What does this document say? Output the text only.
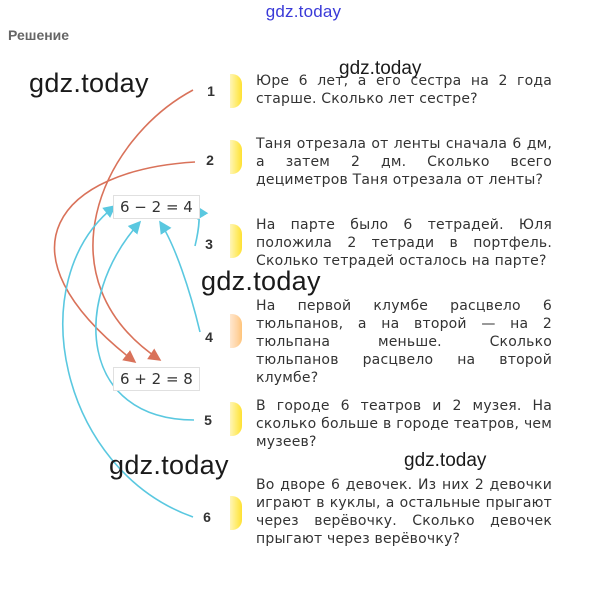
gdz.today
Решение
gdz.today	gdz.today
gdz.today
gdz.today	gdz.today
6 − 2 = 4
6 + 2 = 8
1
Юре 6 лет, а его сестра на 2 года старше. Сколько лет сестре?
2
Таня отрезала от ленты сначала 6 дм, а затем 2 дм. Сколько всего дециметров Таня отрезала от ленты?
3
На парте было 6 тетрадей. Юля положила 2 тетради в портфель. Сколько тетрадей осталось на парте?
4
На первой клумбе расцвело 6 тюльпанов, а на второй — на 2 тюльпана меньше. Сколько тюльпанов расцвело на второй клумбе?
5
В городе 6 театров и 2 музея. На сколько больше в городе театров, чем музеев?
6
Во дворе 6 девочек. Из них 2 девочки играют в куклы, а остальные прыгают через верёвочку. Сколько девочек прыгают через верёвочку?
